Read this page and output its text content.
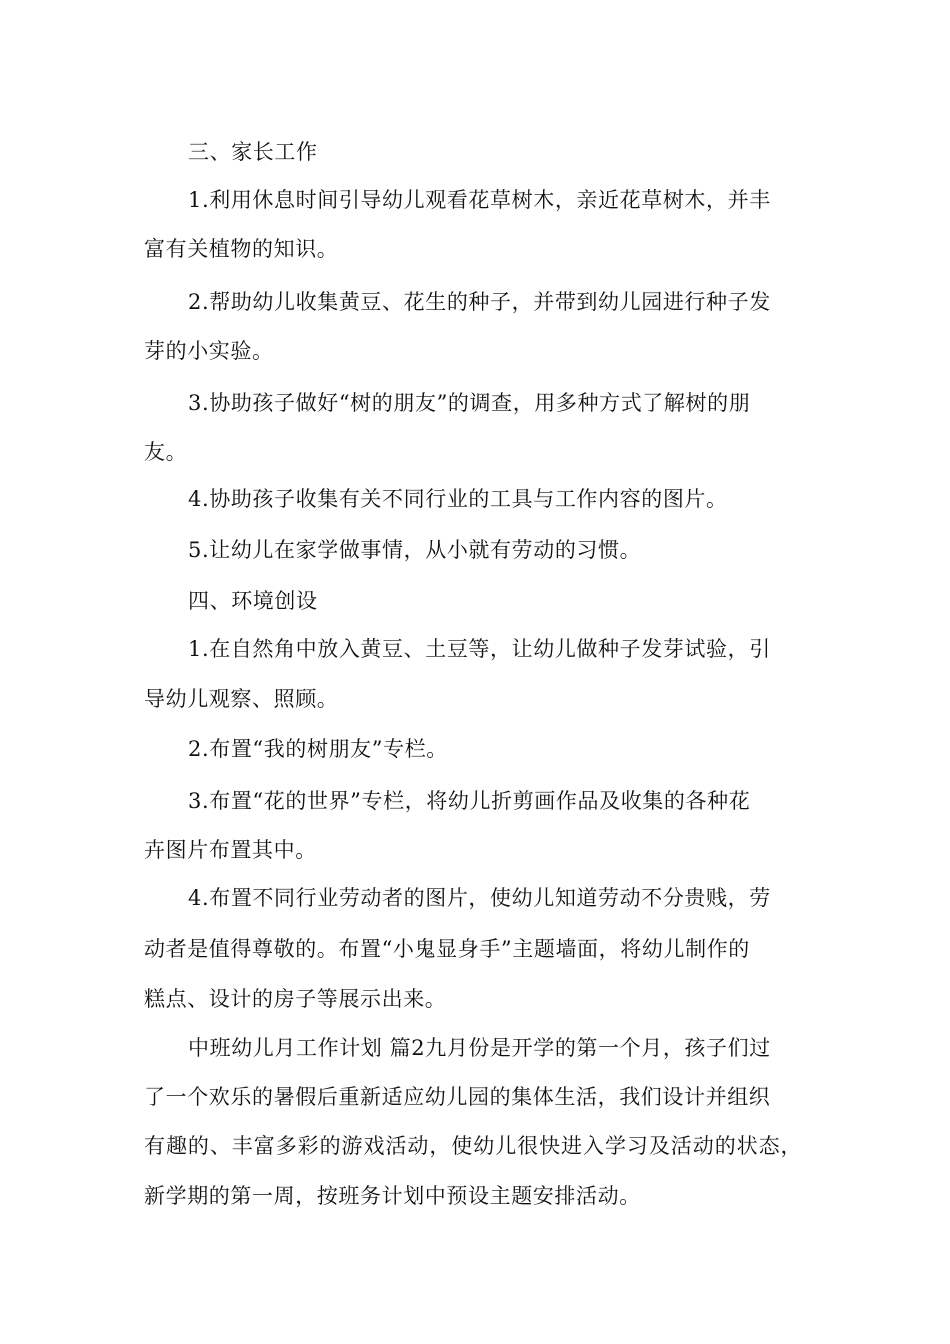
三、家长工作
1.利用休息时间引导幼儿观看花草树木，亲近花草树木，并丰
富有关植物的知识。
2.帮助幼儿收集黄豆、花生的种子，并带到幼儿园进行种子发
芽的小实验。
3.协助孩子做好“树的朋友”的调查，用多种方式了解树的朋
友。
4.协助孩子收集有关不同行业的工具与工作内容的图片。
5.让幼儿在家学做事情，从小就有劳动的习惯。
四、环境创设
1.在自然角中放入黄豆、土豆等，让幼儿做种子发芽试验，引
导幼儿观察、照顾。
2.布置“我的树朋友”专栏。
3.布置“花的世界”专栏，将幼儿折剪画作品及收集的各种花
卉图片布置其中。
4.布置不同行业劳动者的图片，使幼儿知道劳动不分贵贱，劳
动者是值得尊敬的。布置“小鬼显身手”主题墙面，将幼儿制作的
糕点、设计的房子等展示出来。
中班幼儿月工作计划 篇2九月份是开学的第一个月，孩子们过
了一个欢乐的暑假后重新适应幼儿园的集体生活，我们设计并组织
有趣的、丰富多彩的游戏活动，使幼儿很快进入学习及活动的状态，
新学期的第一周，按班务计划中预设主题安排活动。
